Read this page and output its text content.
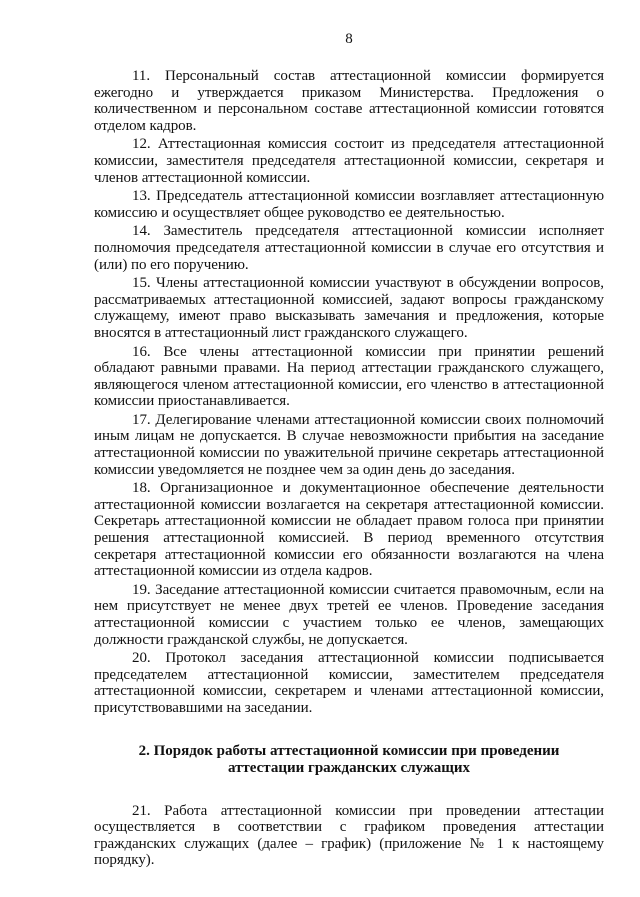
8

11. Персональный состав аттестационной комиссии формируется ежегодно и утверждается приказом Министерства. Предложения о количественном и персональном составе аттестационной комиссии готовятся отделом кадров.

12. Аттестационная комиссия состоит из председателя аттестационной комиссии, заместителя председателя аттестационной комиссии, секретаря и членов аттестационной комиссии.

13. Председатель аттестационной комиссии возглавляет аттестационную комиссию и осуществляет общее руководство ее деятельностью.

14. Заместитель председателя аттестационной комиссии исполняет полномочия председателя аттестационной комиссии в случае его отсутствия и (или) по его поручению.

15. Члены аттестационной комиссии участвуют в обсуждении вопросов, рассматриваемых аттестационной комиссией, задают вопросы гражданскому служащему, имеют право высказывать замечания и предложения, которые вносятся в аттестационный лист гражданского служащего.

16. Все члены аттестационной комиссии при принятии решений обладают равными правами. На период аттестации гражданского служащего, являющегося членом аттестационной комиссии, его членство в аттестационной комиссии приостанавливается.

17. Делегирование членами аттестационной комиссии своих полномочий иным лицам не допускается. В случае невозможности прибытия на заседание аттестационной комиссии по уважительной причине секретарь аттестационной комиссии уведомляется не позднее чем за один день до заседания.

18. Организационное и документационное обеспечение деятельности аттестационной комиссии возлагается на секретаря аттестационной комиссии. Секретарь аттестационной комиссии не обладает правом голоса при принятии решения аттестационной комиссией. В период временного отсутствия секретаря аттестационной комиссии его обязанности возлагаются на члена аттестационной комиссии из отдела кадров.

19. Заседание аттестационной комиссии считается правомочным, если на нем присутствует не менее двух третей ее членов. Проведение заседания аттестационной комиссии с участием только ее членов, замещающих должности гражданской службы, не допускается.

20. Протокол заседания аттестационной комиссии подписывается председателем аттестационной комиссии, заместителем председателя аттестационной комиссии, секретарем и членами аттестационной комиссии, присутствовавшими на заседании.

2. Порядок работы аттестационной комиссии при проведении аттестации гражданских служащих

21. Работа аттестационной комиссии при проведении аттестации осуществляется в соответствии с графиком проведения аттестации гражданских служащих (далее – график) (приложение № 1 к настоящему порядку).
